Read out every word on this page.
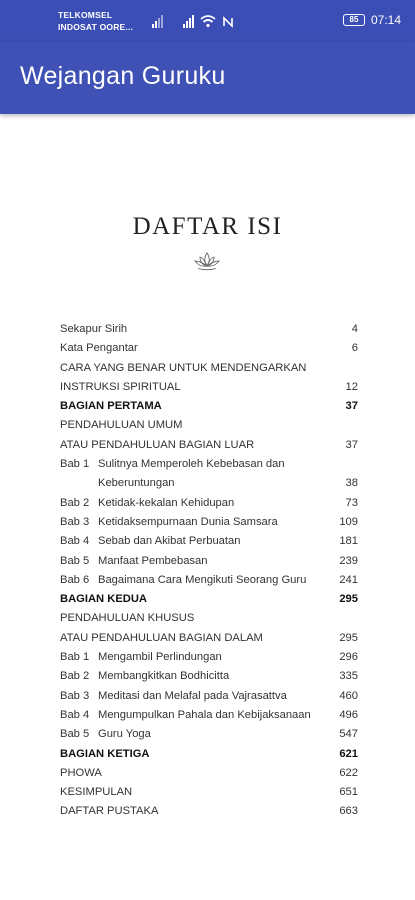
TELKOMSEL
INDOSAT OORE...
85	07:14
Wejangan Guruku
DAFTAR ISI
Sekapur Sirih	4
Kata Pengantar	6
CARA YANG BENAR UNTUK MENDENGARKAN
INSTRUKSI SPIRITUAL	12
BAGIAN PERTAMA	37
PENDAHULUAN UMUM
ATAU PENDAHULUAN BAGIAN LUAR	37
Bab 1 Sulitnya Memperoleh Kebebasan dan
Keberuntungan	38
Bab 2 Ketidak-kekalan Kehidupan	73
Bab 3 Ketidaksempurnaan Dunia Samsara	109
Bab 4 Sebab dan Akibat Perbuatan	181
Bab 5 Manfaat Pembebasan	239
Bab 6 Bagaimana Cara Mengikuti Seorang Guru	241
BAGIAN KEDUA	295
PENDAHULUAN KHUSUS
ATAU PENDAHULUAN BAGIAN DALAM	295
Bab 1 Mengambil Perlindungan	296
Bab 2 Membangkitkan Bodhicitta	335
Bab 3 Meditasi dan Melafal pada Vajrasattva	460
Bab 4 Mengumpulkan Pahala dan Kebijaksanaan	496
Bab 5 Guru Yoga	547
BAGIAN KETIGA	621
PHOWA	622
KESIMPULAN	651
DAFTAR PUSTAKA	663
